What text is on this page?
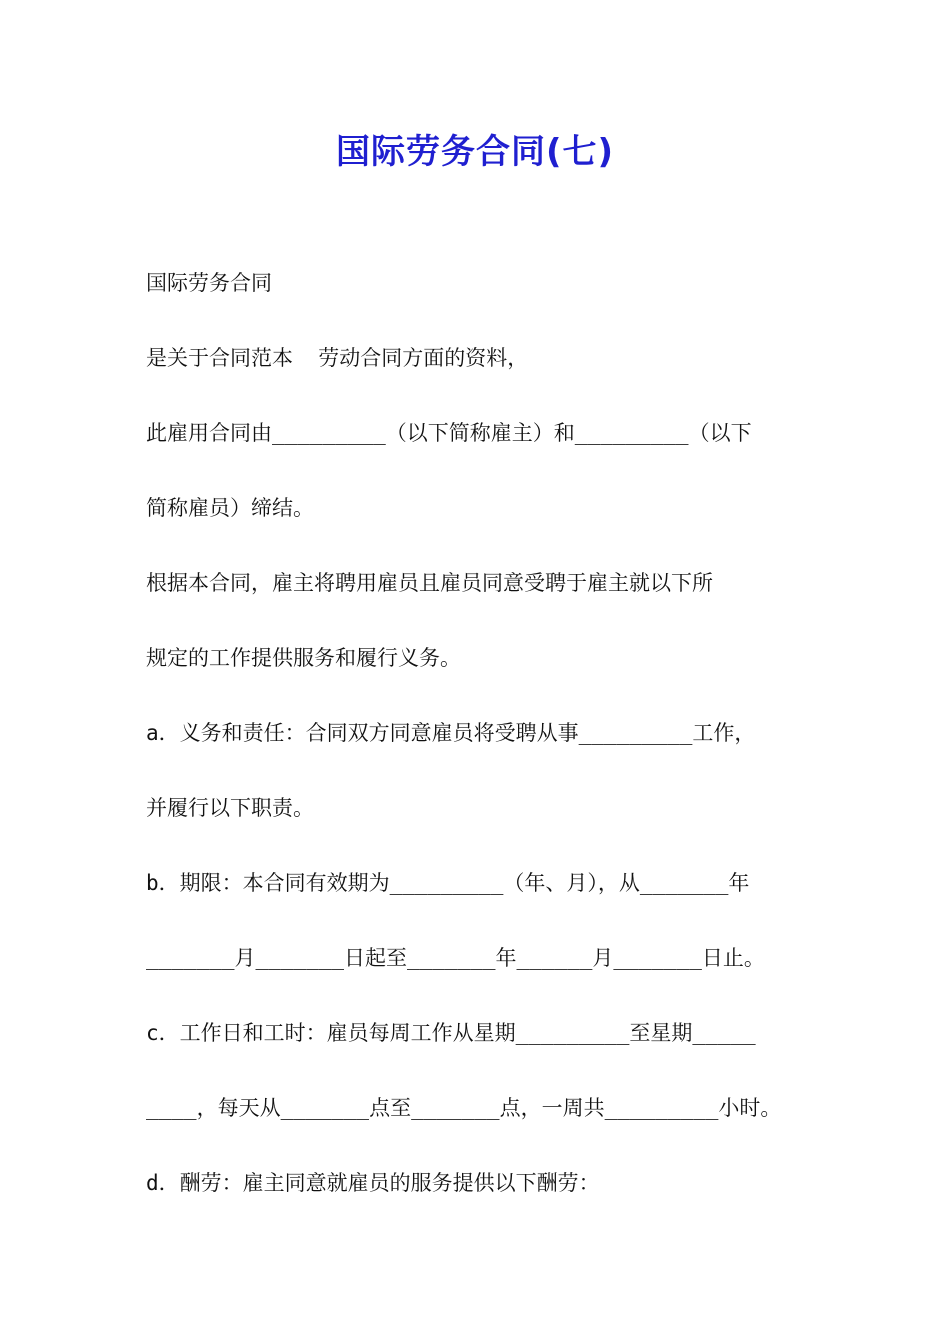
国际劳务合同(七)

国际劳务合同

是关于合同范本  劳动合同方面的资料，

此雇用合同由_________（以下简称雇主）和_________（以下

简称雇员）缔结。

根据本合同，雇主将聘用雇员且雇员同意受聘于雇主就以下所

规定的工作提供服务和履行义务。

a．义务和责任：合同双方同意雇员将受聘从事_________工作，

并履行以下职责。

b．期限：本合同有效期为_________（年、月），从_______年

_______月_______日起至_______年______月_______日止。

c．工作日和工时：雇员每周工作从星期_________至星期_____

____，每天从_______点至_______点，一周共_________小时。

d．酬劳：雇主同意就雇员的服务提供以下酬劳：
